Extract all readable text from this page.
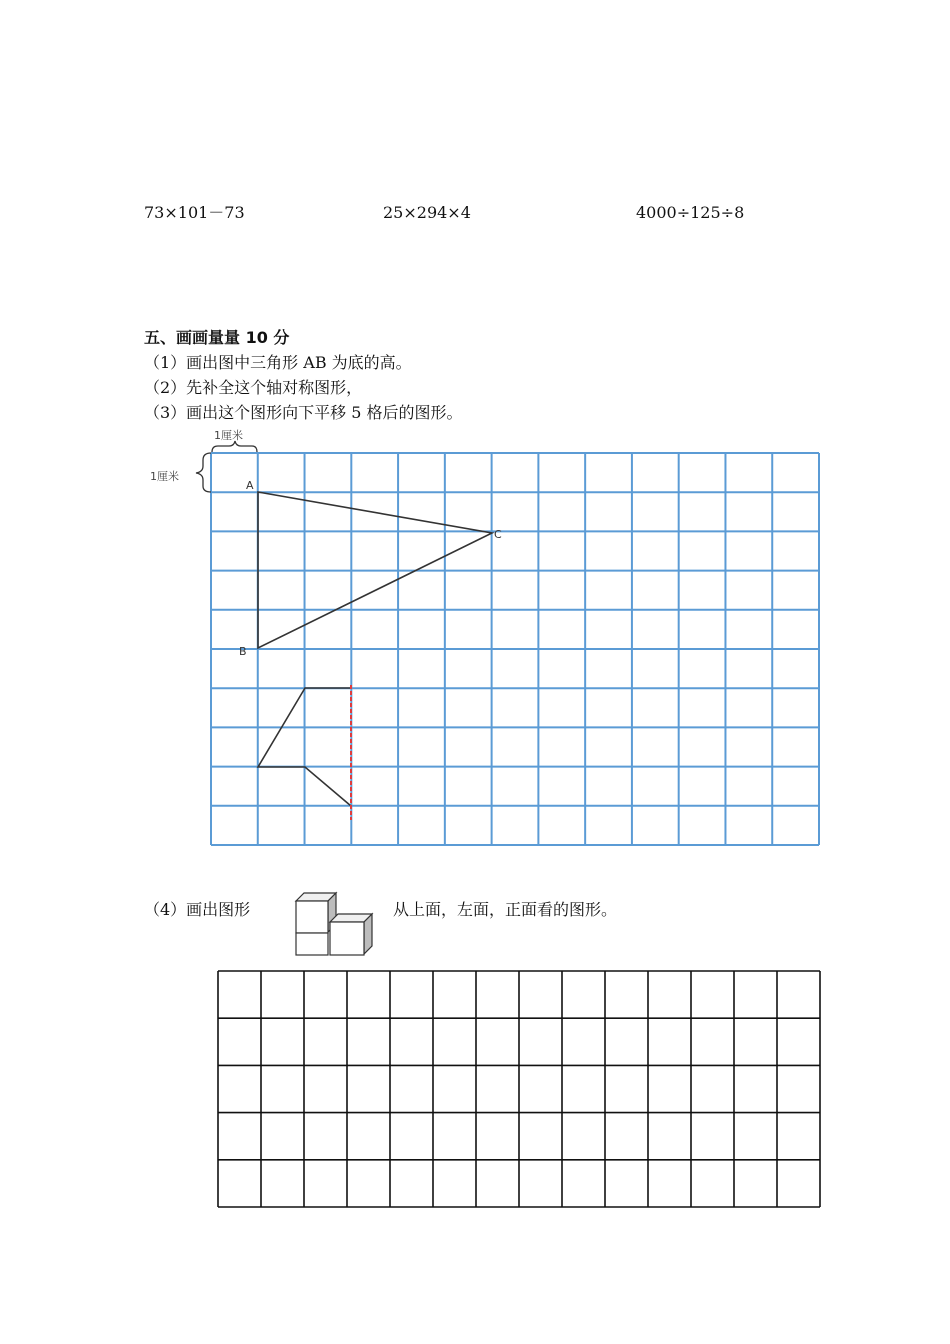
73×101－73	25×294×4	4000÷125÷8
五、画画量量 10 分
（1）画出图中三角形 AB 为底的高。
（2）先补全这个轴对称图形，
（3）画出这个图形向下平移 5 格后的图形。
1厘米
1厘米
A
B
C
（4）画出图形	从上面，左面，正面看的图形。
